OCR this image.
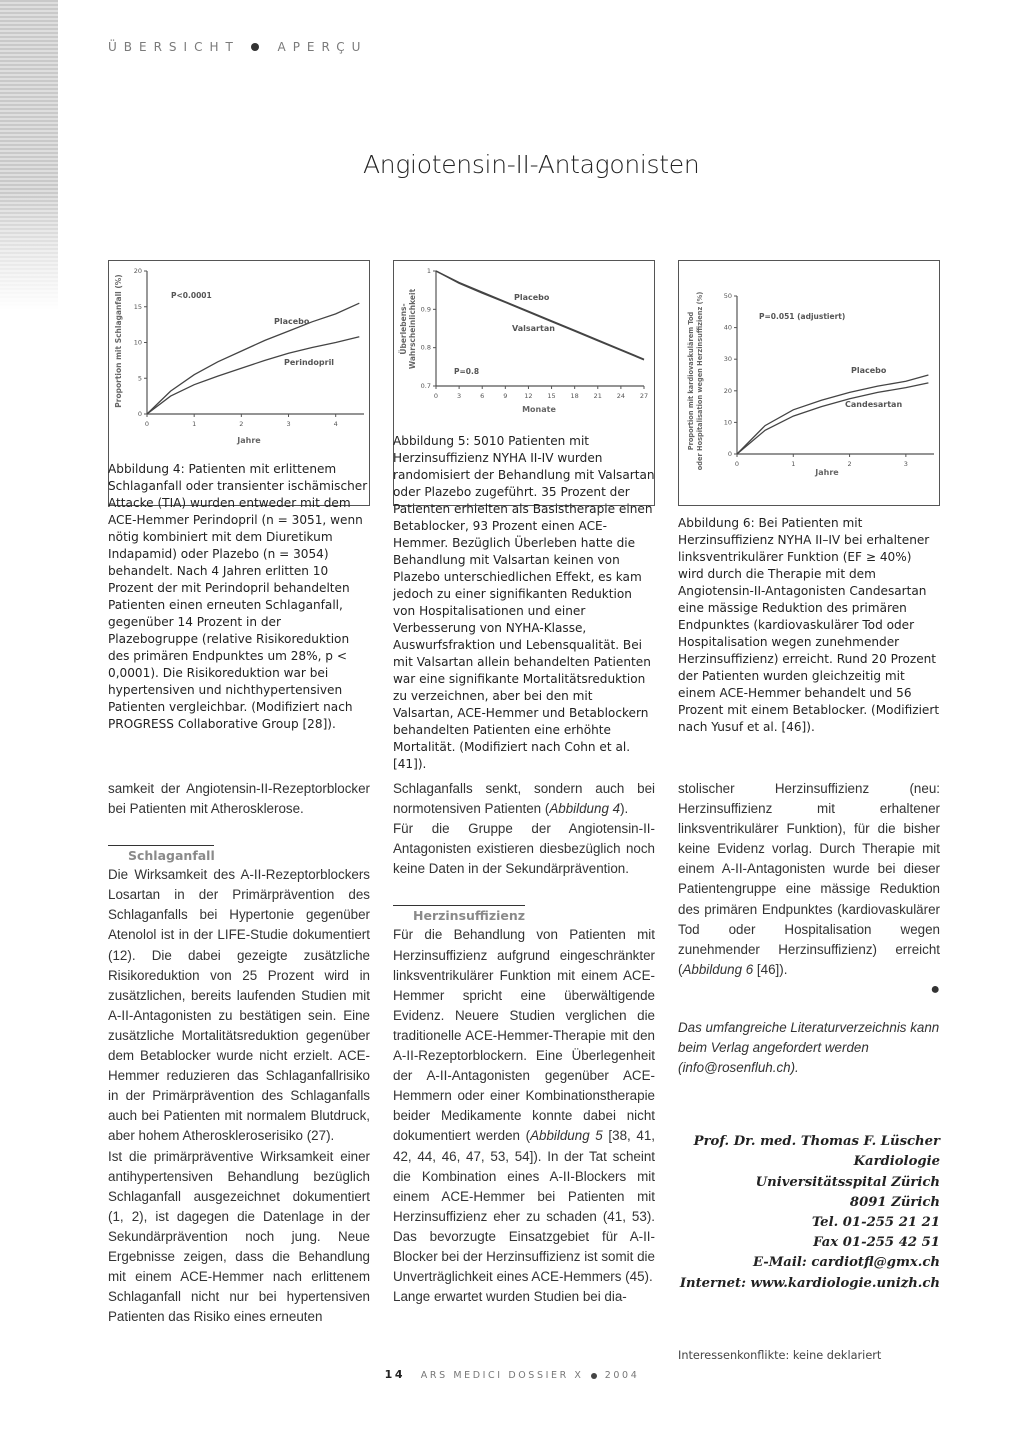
ÜBERSICHT	APERÇU
Angiotensin-II-Antagonisten
0	1	2	3	4
0
5
10
15
20
Jahre
Proportion mit Schlaganfall (%)	P<0.0001
Placebo
Perindopril

Abbildung 4: Patienten mit erlittenem Schlaganfall oder transienter ischämischer Attacke (TIA) wurden entweder mit dem ACE-Hemmer Perindopril (n = 3051, wenn nötig kombiniert mit dem Diuretikum Indapamid) oder Plazebo (n = 3054) behandelt. Nach 4 Jahren erlitten 10 Prozent der mit Perindopril behandelten Patienten einen erneuten Schlaganfall, gegenüber 14 Prozent in der Plazebogruppe (relative Risikoreduktion des primären Endpunktes um 28%, p < 0,0001). Die Risikoreduktion war bei hypertensiven und nichthypertensiven Patienten vergleichbar. (Modifiziert nach PROGRESS Collaborative Group [28]).

0	3	6	9	12 15 18 21 24 27
0.7
0.8
0.9
1
Monate
Überlebens-Wahrscheinlichkeit
P=0.8
Placebo
Valsartan

Abbildung 5: 5010 Patienten mit Herzinsuffizienz NYHA II-IV wurden randomisiert der Behandlung mit Valsartan oder Plazebo zugeführt. 35 Prozent der Patienten erhielten als Basistherapie einen Betablocker, 93 Prozent einen ACE-Hemmer. Bezüglich Überleben hatte die Behandlung mit Valsartan keinen von Plazebo unterschiedlichen Effekt, es kam jedoch zu einer signifikanten Reduktion von Hospitalisationen und einer Verbesserung von NYHA-Klasse, Auswurfsfraktion und Lebensqualität. Bei mit Valsartan allein behandelten Patienten war eine signifikante Mortalitätsreduktion zu verzeichnen, aber bei den mit Valsartan, ACE-Hemmer und Betablockern behandelten Patienten eine erhöhte Mortalität. (Modifiziert nach Cohn et al. [41]).

0	1	2	3
0
10
20
30
40
50
Jahre
Proportion mit kardiovaskulärem Tododer Hospitalisation wegen Herzinsuffizienz (%)	P=0.051 (adjustiert)
Placebo
Candesartan

Abbildung 6: Bei Patienten mit Herzinsuffizienz NYHA II–IV bei erhaltener linksventrikulärer Funktion (EF ≥ 40%) wird durch die Therapie mit dem Angiotensin-II-Antagonisten Candesartan eine mässige Reduktion des primären Endpunktes (kardiovaskulärer Tod oder Hospitalisation wegen zunehmender Herzinsuffizienz) erreicht. Rund 20 Prozent der Patienten wurden gleichzeitig mit einem ACE-Hemmer behandelt und 56 Prozent mit einem Betablocker. (Modifiziert nach Yusuf et al. [46]).

samkeit der Angiotensin-II-Rezeptorblocker bei Patienten mit Atherosklerose.

Schlaganfall

Die Wirksamkeit des A-II-Rezeptorblockers Losartan in der Primärprävention des Schlaganfalls bei Hypertonie gegenüber Atenolol ist in der LIFE-Studie dokumentiert (12). Die dabei gezeigte zusätzliche Risikoreduktion von 25 Prozent wird in zusätzlichen, bereits laufenden Studien mit A-II-Antagonisten zu bestätigen sein. Eine zusätzliche Mortalitätsreduktion gegenüber dem Betablocker wurde nicht erzielt. ACE-Hemmer reduzieren das Schlaganfallrisiko in der Primärprävention des Schlaganfalls auch bei Patienten mit normalem Blutdruck, aber hohem Atheroskleroserisiko (27).

Ist die primärpräventive Wirksamkeit einer antihypertensiven Behandlung bezüglich Schlaganfall ausgezeichnet dokumentiert (1, 2), ist dagegen die Datenlage in der Sekundärprävention noch jung. Neue Ergebnisse zeigen, dass die Behandlung mit einem ACE-Hemmer nach erlittenem Schlaganfall nicht nur bei hypertensiven Patienten das Risiko eines erneuten

Schlaganfalls senkt, sondern auch bei normotensiven Patienten (Abbildung 4).

Für die Gruppe der Angiotensin-II-Antagonisten existieren diesbezüglich noch keine Daten in der Sekundärprävention.

Herzinsuffizienz

Für die Behandlung von Patienten mit Herzinsuffizienz aufgrund eingeschränkter linksventrikulärer Funktion mit einem ACE-Hemmer spricht eine überwältigende Evidenz. Neuere Studien verglichen die traditionelle ACE-Hemmer-Therapie mit den A-II-Rezeptorblockern. Eine Überlegenheit der A-II-Antagonisten gegenüber ACE-Hemmern oder einer Kombinationstherapie beider Medikamente konnte dabei nicht dokumentiert werden (Abbildung 5 [38, 41, 42, 44, 46, 47, 53, 54]). In der Tat scheint die Kombination eines A-II-Blockers mit einem ACE-Hemmer bei Patienten mit Herzinsuffizienz eher zu schaden (41, 53). Das bevorzugte Einsatzgebiet für A-II-Blocker bei der Herzinsuffizienz ist somit die Unverträglichkeit eines ACE-Hemmers (45).

Lange erwartet wurden Studien bei dia-

stolischer Herzinsuffizienz (neu: Herzinsuffizienz mit erhaltener linksventrikulärer Funktion), für die bisher keine Evidenz vorlag. Durch Therapie mit einem A-II-Antagonisten wurde bei dieser Patientengruppe eine mässige Reduktion des primären Endpunktes (kardiovaskulärer Tod oder Hospitalisation wegen zunehmender Herzinsuffizienz) erreicht (Abbildung 6 [46]).

●

Das umfangreiche Literaturverzeichnis kann beim Verlag angefordert werden (info@rosenfluh.ch).

Prof. Dr. med. Thomas F. Lüscher
Kardiologie
Universitätsspital Zürich
8091 Zürich
Tel. 01-255 21 21
Fax 01-255 42 51
E-Mail: cardiotfl@gmx.ch
Internet: www.kardiologie.unizh.ch

Interessenkonflikte: keine deklariert

14 ARS MEDICI DOSSIER X 2004
